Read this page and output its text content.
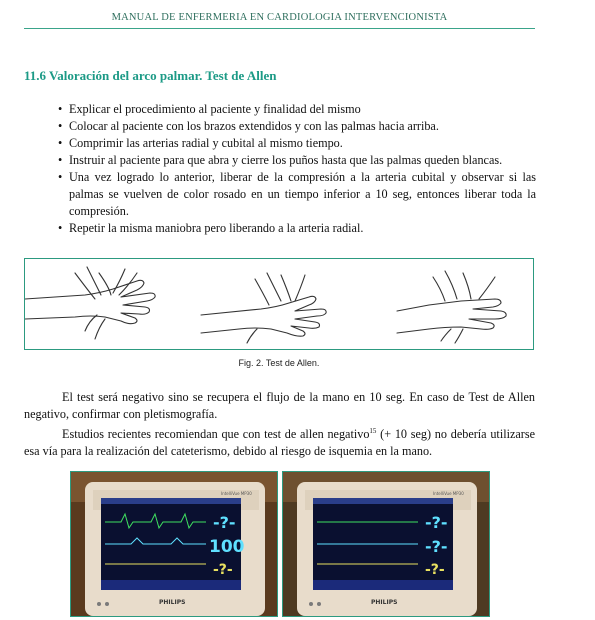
MANUAL DE ENFERMERIA EN CARDIOLOGIA INTERVENCIONISTA
11.6 Valoración del arco palmar. Test de Allen
• Explicar el procedimiento al paciente y finalidad del mismo
• Colocar al paciente con los brazos extendidos y con las palmas hacia arriba.
• Comprimir las arterias radial y cubital al mismo tiempo.
• Instruir al paciente para que abra y cierre los puños hasta que las palmas queden blancas.
• Una vez logrado lo anterior, liberar de la compresión a la arteria cubital y observar si las palmas se vuelven de color rosado en un tiempo inferior a 10 seg, entonces liberar toda la compresión.
• Repetir la misma maniobra pero liberando a la arteria radial.
Fig. 2. Test de Allen.

El test será negativo sino se recupera el flujo de la mano en 10 seg. En caso de Test de Allen negativo, confirmar con pletismografía.

Estudios recientes recomiendan que con test de allen negativo$^{15}$ (+ 10 seg) no debería utilizarse esa vía para la realización del cateterismo, debido al riesgo de isquemia en la mano.

-?-
100
-?-
IntelliVue MP30
PHILIPS
-?-
-?-
-?-
IntelliVue MP30
PHILIPS
